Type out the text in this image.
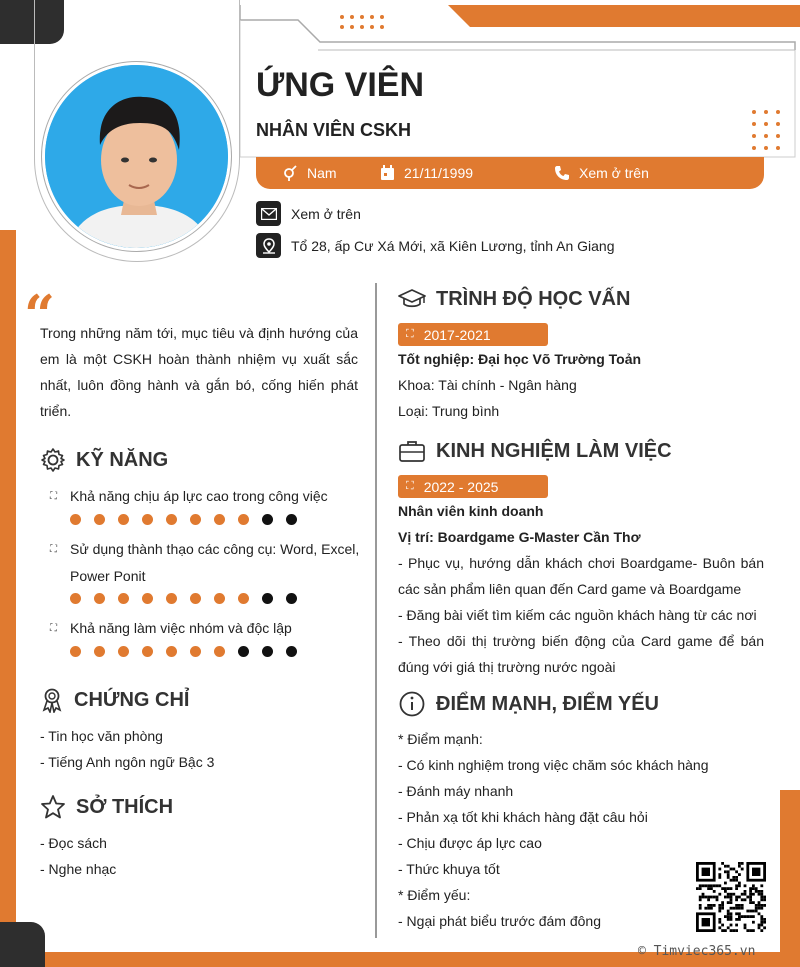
ỨNG VIÊN
NHÂN VIÊN CSKH
Nam	21/11/1999	Xem ở trên
Xem ở trên
Tổ 28, ấp Cư Xá Mới, xã Kiên Lương, tỉnh An Giang
“
Trong những năm tới, mục tiêu và định hướng của em là một CSKH hoàn thành nhiệm vụ xuất sắc nhất, luôn đồng hành và gắn bó, cống hiến phát triển.
KỸ NĂNG
⛶ Khả năng chịu áp lực cao trong công việc
⛶ Sử dụng thành thạo các công cụ: Word, Excel,
Power Ponit
⛶ Khả năng làm việc nhóm và độc lập
CHỨNG CHỈ
- Tin học văn phòng
- Tiếng Anh ngôn ngữ Bậc 3
SỞ THÍCH
- Đọc sách
- Nghe nhạc
TRÌNH ĐỘ HỌC VẤN
⛶ 2017-2021
Tốt nghiệp: Đại học Võ Trường Toản
Khoa: Tài chính - Ngân hàng
Loại: Trung bình
KINH NGHIỆM LÀM VIỆC
⛶ 2022 - 2025
Nhân viên kinh doanh
Vị trí: Boardgame G-Master Cần Thơ
- Phục vụ, hướng dẫn khách chơi Boardgame- Buôn bán
các sản phẩm liên quan đến Card game và Boardgame
- Đăng bài viết tìm kiếm các nguồn khách hàng từ các nơi
- Theo dõi thị trường biến động của Card game để bán
đúng với giá thị trường nước ngoài
ĐIỂM MẠNH, ĐIỂM YẾU
* Điểm mạnh:
- Có kinh nghiệm trong việc chăm sóc khách hàng
- Đánh máy nhanh
- Phản xạ tốt khi khách hàng đặt câu hỏi
- Chịu được áp lực cao
- Thức khuya tốt
* Điểm yếu:
- Ngại phát biểu trước đám đông
© Timviec365.vn
